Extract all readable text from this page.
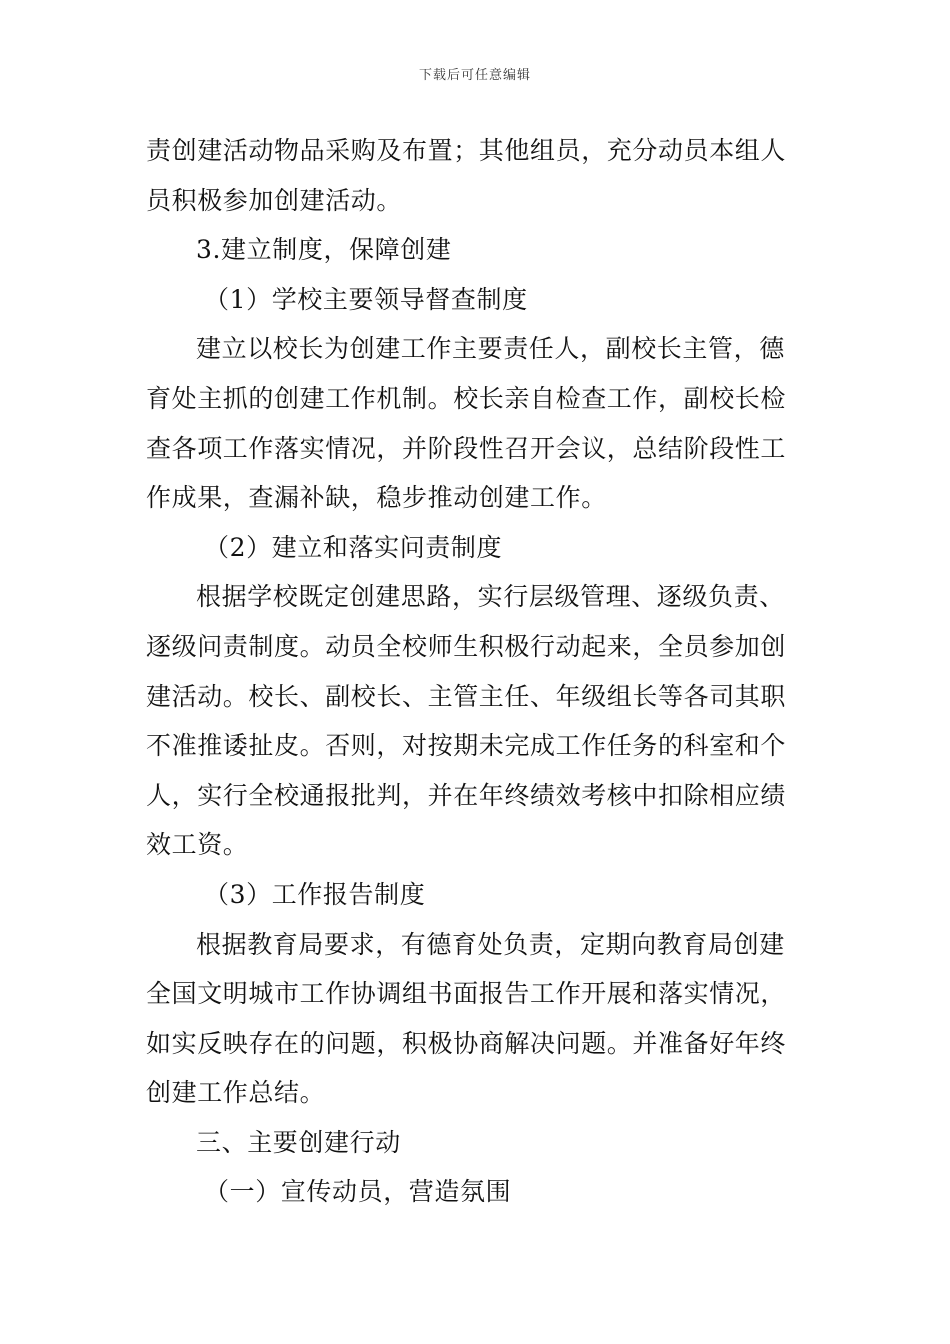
下载后可任意编辑
责创建活动物品采购及布置；其他组员，充分动员本组人
员积极参加创建活动。
3.建立制度，保障创建
（1）学校主要领导督查制度
建立以校长为创建工作主要责任人，副校长主管，德
育处主抓的创建工作机制。校长亲自检查工作，副校长检
查各项工作落实情况，并阶段性召开会议，总结阶段性工
作成果，查漏补缺，稳步推动创建工作。
（2）建立和落实问责制度
根据学校既定创建思路，实行层级管理、逐级负责、
逐级问责制度。动员全校师生积极行动起来，全员参加创
建活动。校长、副校长、主管主任、年级组长等各司其职
不准推诿扯皮。否则，对按期未完成工作任务的科室和个
人，实行全校通报批判，并在年终绩效考核中扣除相应绩
效工资。
（3）工作报告制度
根据教育局要求，有德育处负责，定期向教育局创建
全国文明城市工作协调组书面报告工作开展和落实情况，
如实反映存在的问题，积极协商解决问题。并准备好年终
创建工作总结。
三、主要创建行动
（一）宣传动员，营造氛围
